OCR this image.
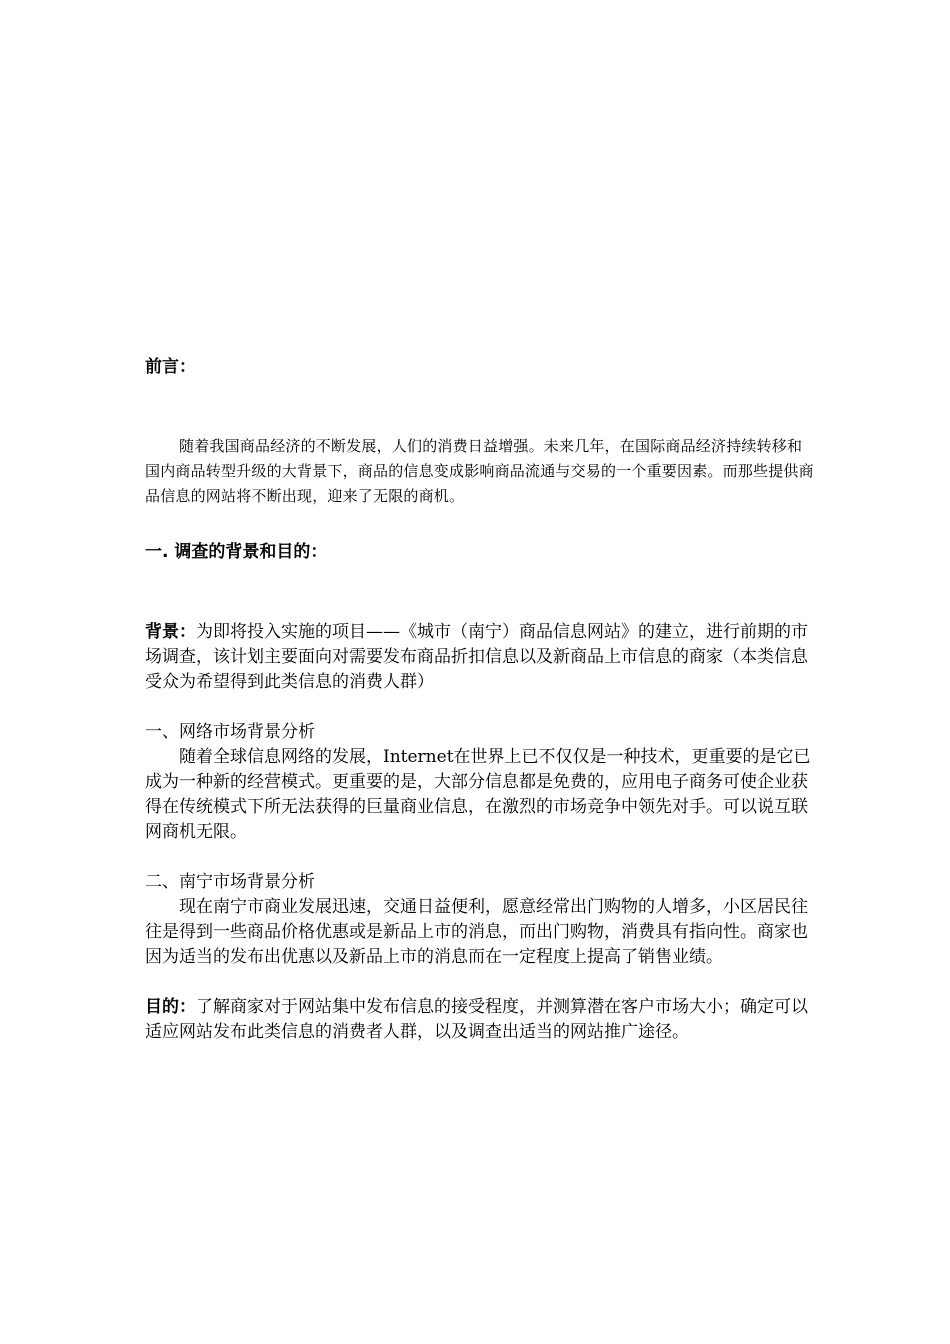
前言：

随着我国商品经济的不断发展，人们的消费日益增强。未来几年，在国际商品经济持续转移和国内商品转型升级的大背景下，商品的信息变成影响商品流通与交易的一个重要因素。而那些提供商品信息的网站将不断出现，迎来了无限的商机。

一. 调查的背景和目的：

背景：为即将投入实施的项目——《城市（南宁）商品信息网站》的建立，进行前期的市场调查，该计划主要面向对需要发布商品折扣信息以及新商品上市信息的商家（本类信息受众为希望得到此类信息的消费人群）

一、网络市场背景分析

随着全球信息网络的发展，Internet在世界上已不仅仅是一种技术，更重要的是它已成为一种新的经营模式。更重要的是，大部分信息都是免费的，应用电子商务可使企业获得在传统模式下所无法获得的巨量商业信息，在激烈的市场竞争中领先对手。可以说互联网商机无限。

二、南宁市场背景分析

现在南宁市商业发展迅速，交通日益便利，愿意经常出门购物的人增多，小区居民往往是得到一些商品价格优惠或是新品上市的消息，而出门购物，消费具有指向性。商家也因为适当的发布出优惠以及新品上市的消息而在一定程度上提高了销售业绩。

目的：了解商家对于网站集中发布信息的接受程度，并测算潜在客户市场大小；确定可以适应网站发布此类信息的消费者人群，以及调查出适当的网站推广途径。
